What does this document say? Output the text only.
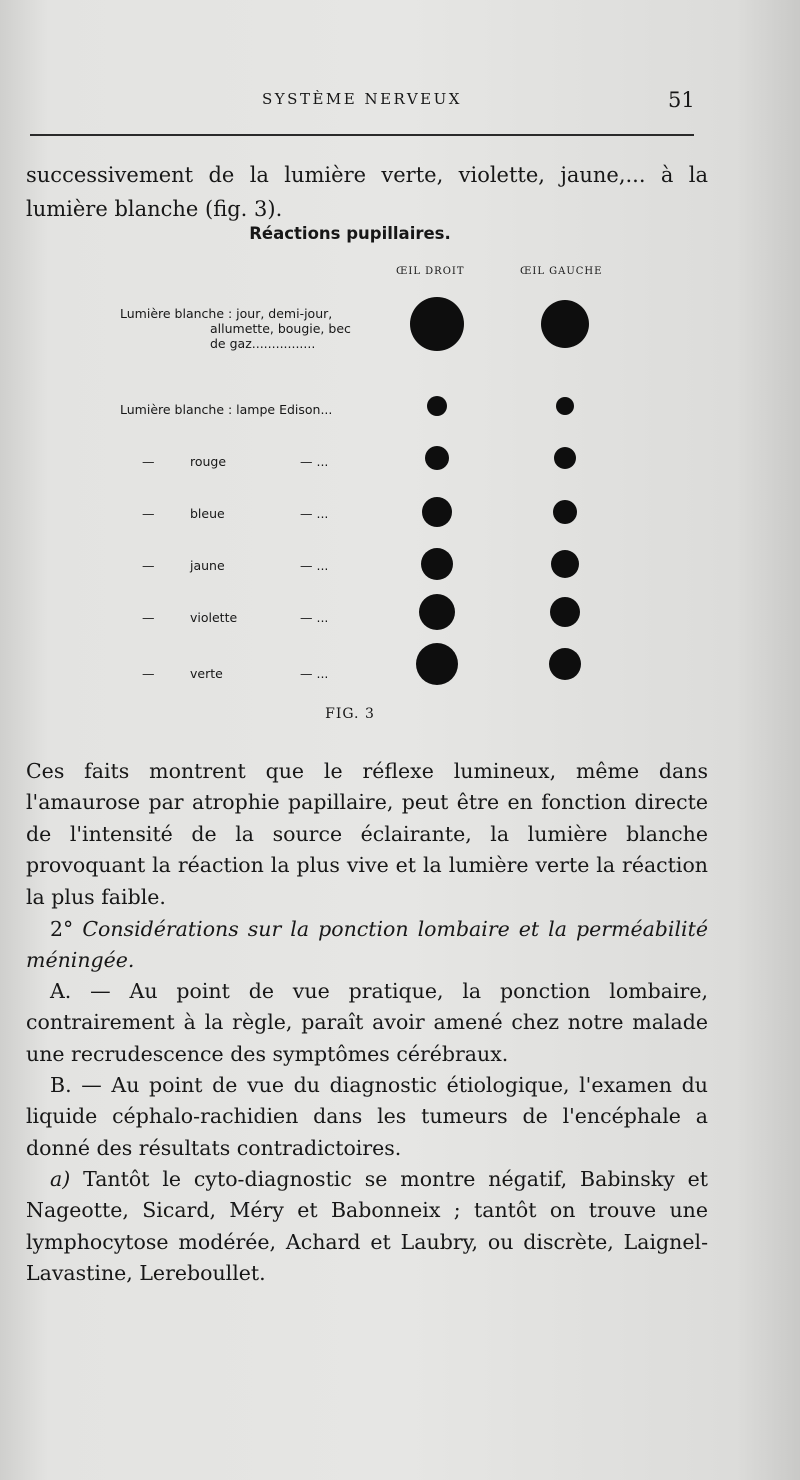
SYSTÈME NERVEUX	51

successivement de la lumière verte, violette, jaune,... à la lumière blanche (fig. 3).

Réactions pupillaires.
ŒIL DROIT	ŒIL GAUCHE
Lumière blanche : jour, demi-jour,
allumette, bougie, bec
de gaz................
Lumière blanche : lampe Edison...
—	rouge	— ...
—	bleue	— ...
—	jaune	— ...
—	violette	— ...
—	verte	— ...
FIG. 3

Ces faits montrent que le réflexe lumineux, même dans l'amaurose par atrophie papillaire, peut être en fonction directe de l'intensité de la source éclairante, la lumière blanche provoquant la réaction la plus vive et la lumière verte la réaction la plus faible.

2° Considérations sur la ponction lombaire et la perméabilité méningée.

A. — Au point de vue pratique, la ponction lombaire, contrairement à la règle, paraît avoir amené chez notre malade une recrudescence des symptômes cérébraux.

B. — Au point de vue du diagnostic étiologique, l'examen du liquide céphalo-rachidien dans les tumeurs de l'encéphale a donné des résultats contradictoires.

a) Tantôt le cyto-diagnostic se montre négatif, Babinsky et Nageotte, Sicard, Méry et Babonneix ; tantôt on trouve une lymphocytose modérée, Achard et Laubry, ou discrète, Laignel-Lavastine, Lereboullet.
